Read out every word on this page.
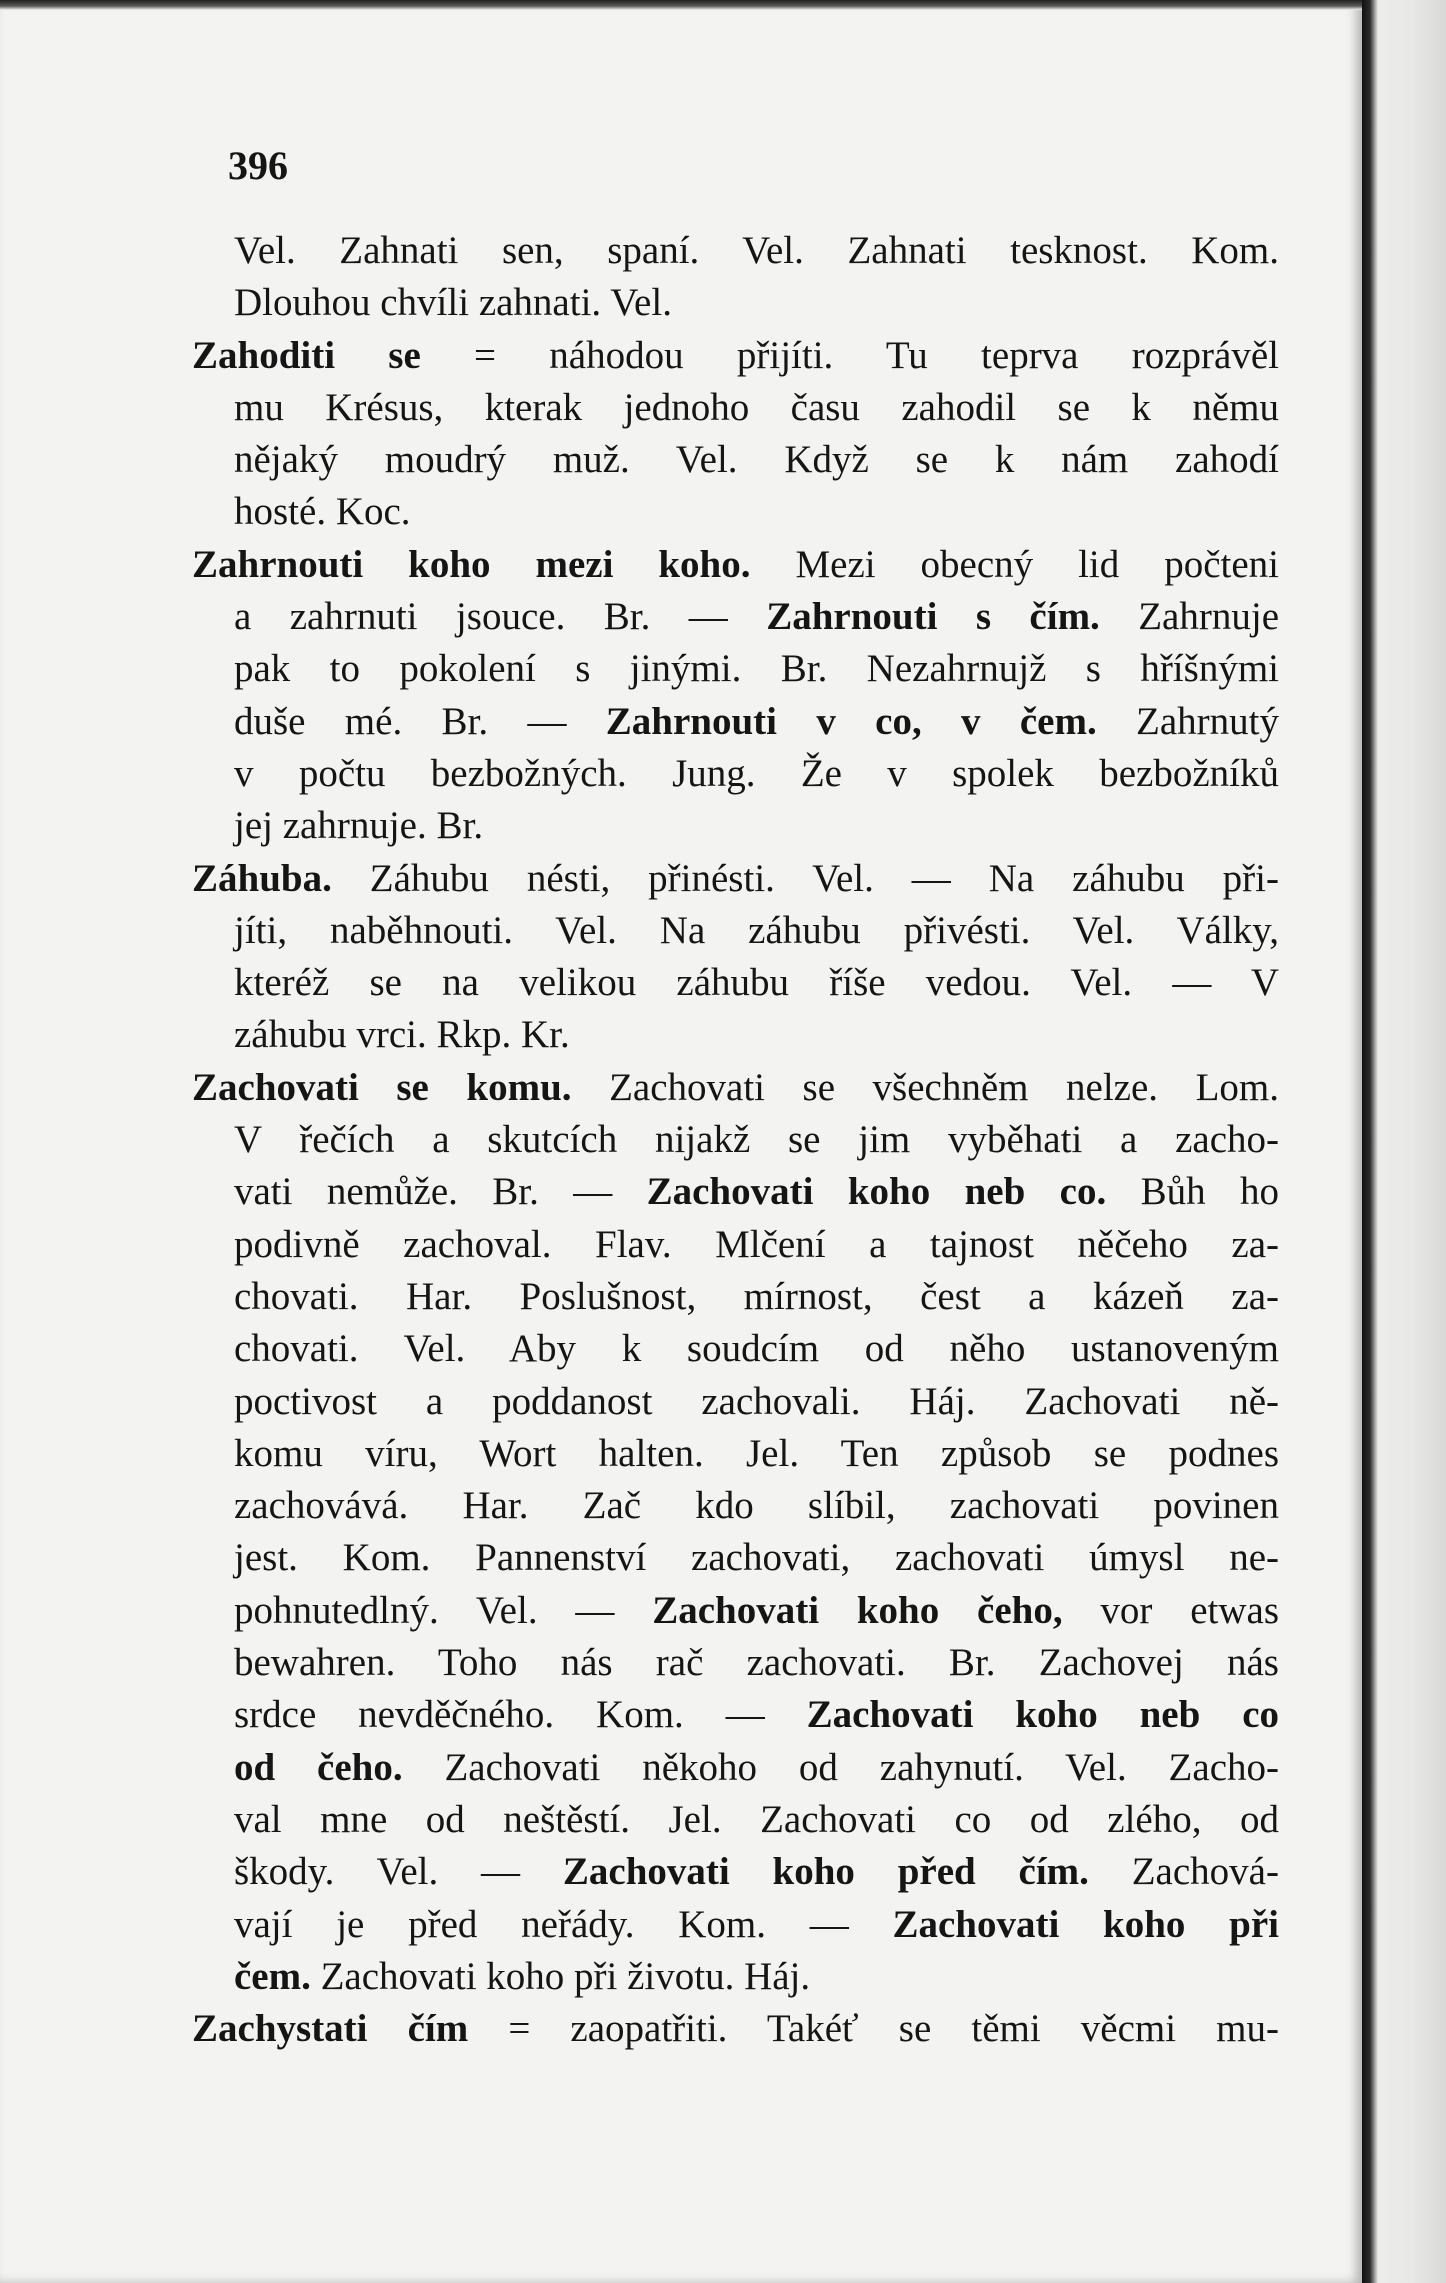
396
Vel. Zahnati sen, spaní. Vel. Zahnati tesknost. Kom.
Dlouhou chvíli zahnati. Vel.
Zahoditi se = náhodou přijíti. Tu teprva rozprávěl
mu Krésus, kterak jednoho času zahodil se k němu
nějaký moudrý muž. Vel. Když se k nám zahodí
hosté. Koc.
Zahrnouti koho mezi koho. Mezi obecný lid počteni
a zahrnuti jsouce. Br. — Zahrnouti s čím. Zahrnuje
pak to pokolení s jinými. Br. Nezahrnujž s hříšnými
duše mé. Br. — Zahrnouti v co, v čem. Zahrnutý
v počtu bezbožných. Jung. Že v spolek bezbožníků
jej zahrnuje. Br.
Záhuba. Záhubu nésti, přinésti. Vel. — Na záhubu při-
jíti, naběhnouti. Vel. Na záhubu přivésti. Vel. Války,
kteréž se na velikou záhubu říše vedou. Vel. — V
záhubu vrci. Rkp. Kr.
Zachovati se komu. Zachovati se všechněm nelze. Lom.
V řečích a skutcích nijakž se jim vyběhati a zacho-
vati nemůže. Br. — Zachovati koho neb co. Bůh ho
podivně zachoval. Flav. Mlčení a tajnost něčeho za-
chovati. Har. Poslušnost, mírnost, čest a kázeň za-
chovati. Vel. Aby k soudcím od něho ustanoveným
poctivost a poddanost zachovali. Háj. Zachovati ně-
komu víru, Wort halten. Jel. Ten způsob se podnes
zachovává. Har. Zač kdo slíbil, zachovati povinen
jest. Kom. Pannenství zachovati, zachovati úmysl ne-
pohnutedlný. Vel. — Zachovati koho čeho, vor etwas
bewahren. Toho nás rač zachovati. Br. Zachovej nás
srdce nevděčného. Kom. — Zachovati koho neb co
od čeho. Zachovati někoho od zahynutí. Vel. Zacho-
val mne od neštěstí. Jel. Zachovati co od zlého, od
škody. Vel. — Zachovati koho před čím. Zachová-
vají je před neřády. Kom. — Zachovati koho při
čem. Zachovati koho při životu. Háj.
Zachystati čím = zaopatřiti. Takéť se těmi věcmi mu-
